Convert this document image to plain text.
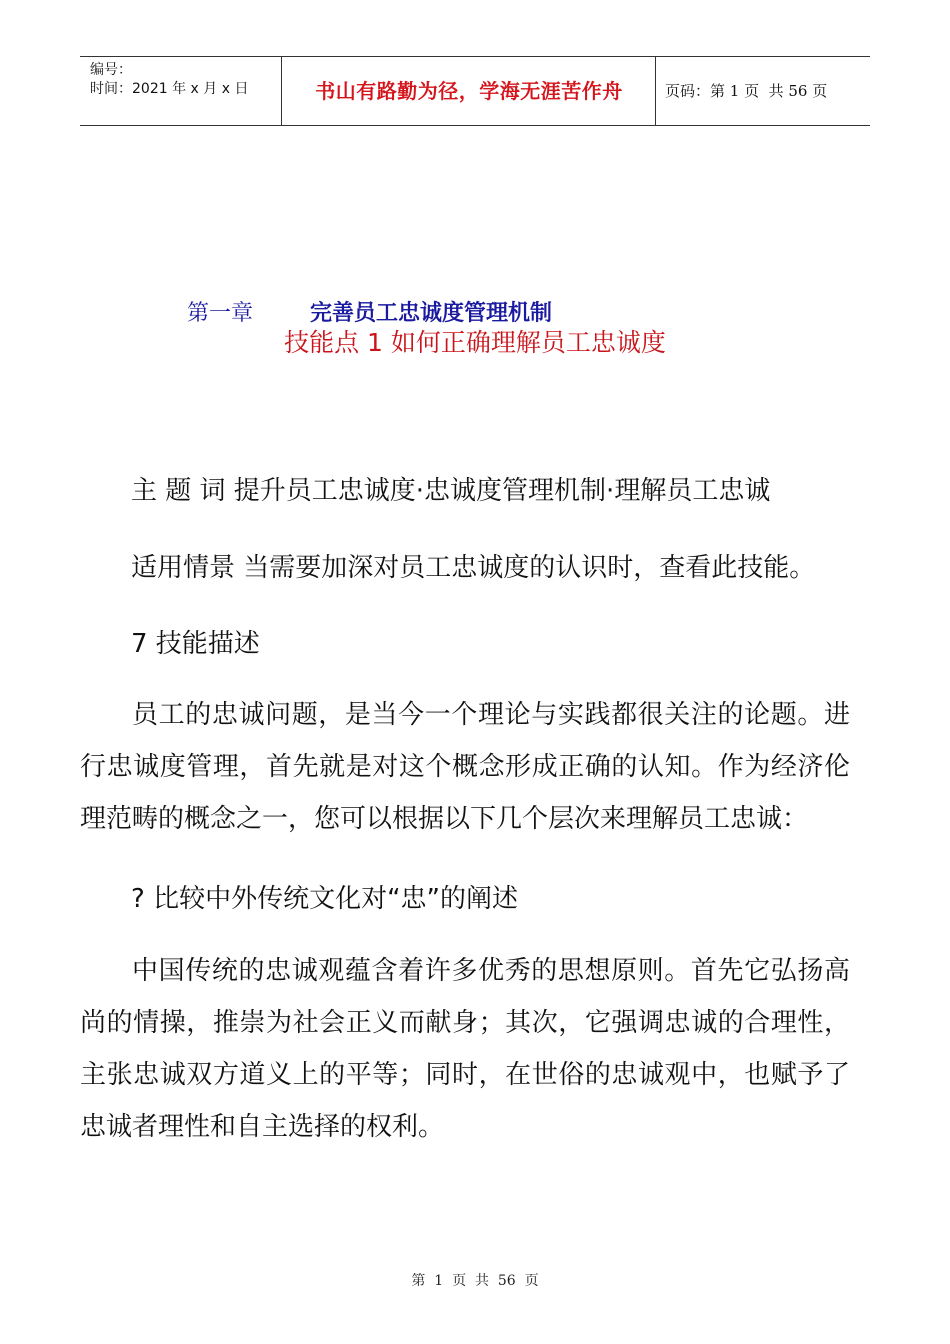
编号：
时间：2021 年 x 月 x 日	书山有路勤为径，学海无涯苦作舟	页码：第 1 页  共 56 页
第一章	完善员工忠诚度管理机制
技能点 1 如何正确理解员工忠诚度
主 题 词 提升员工忠诚度·忠诚度管理机制·理解员工忠诚
适用情景 当需要加深对员工忠诚度的认识时，查看此技能。
7 技能描述
员工的忠诚问题，是当今一个理论与实践都很关注的论题。进行忠诚度管理，首先就是对这个概念形成正确的认知。作为经济伦理范畴的概念之一，您可以根据以下几个层次来理解员工忠诚：
? 比较中外传统文化对“忠”的阐述
中国传统的忠诚观蕴含着许多优秀的思想原则。首先它弘扬高尚的情操，推崇为社会正义而献身；其次，它强调忠诚的合理性，主张忠诚双方道义上的平等；同时，在世俗的忠诚观中，也赋予了忠诚者理性和自主选择的权利。
第  1  页  共  56  页
